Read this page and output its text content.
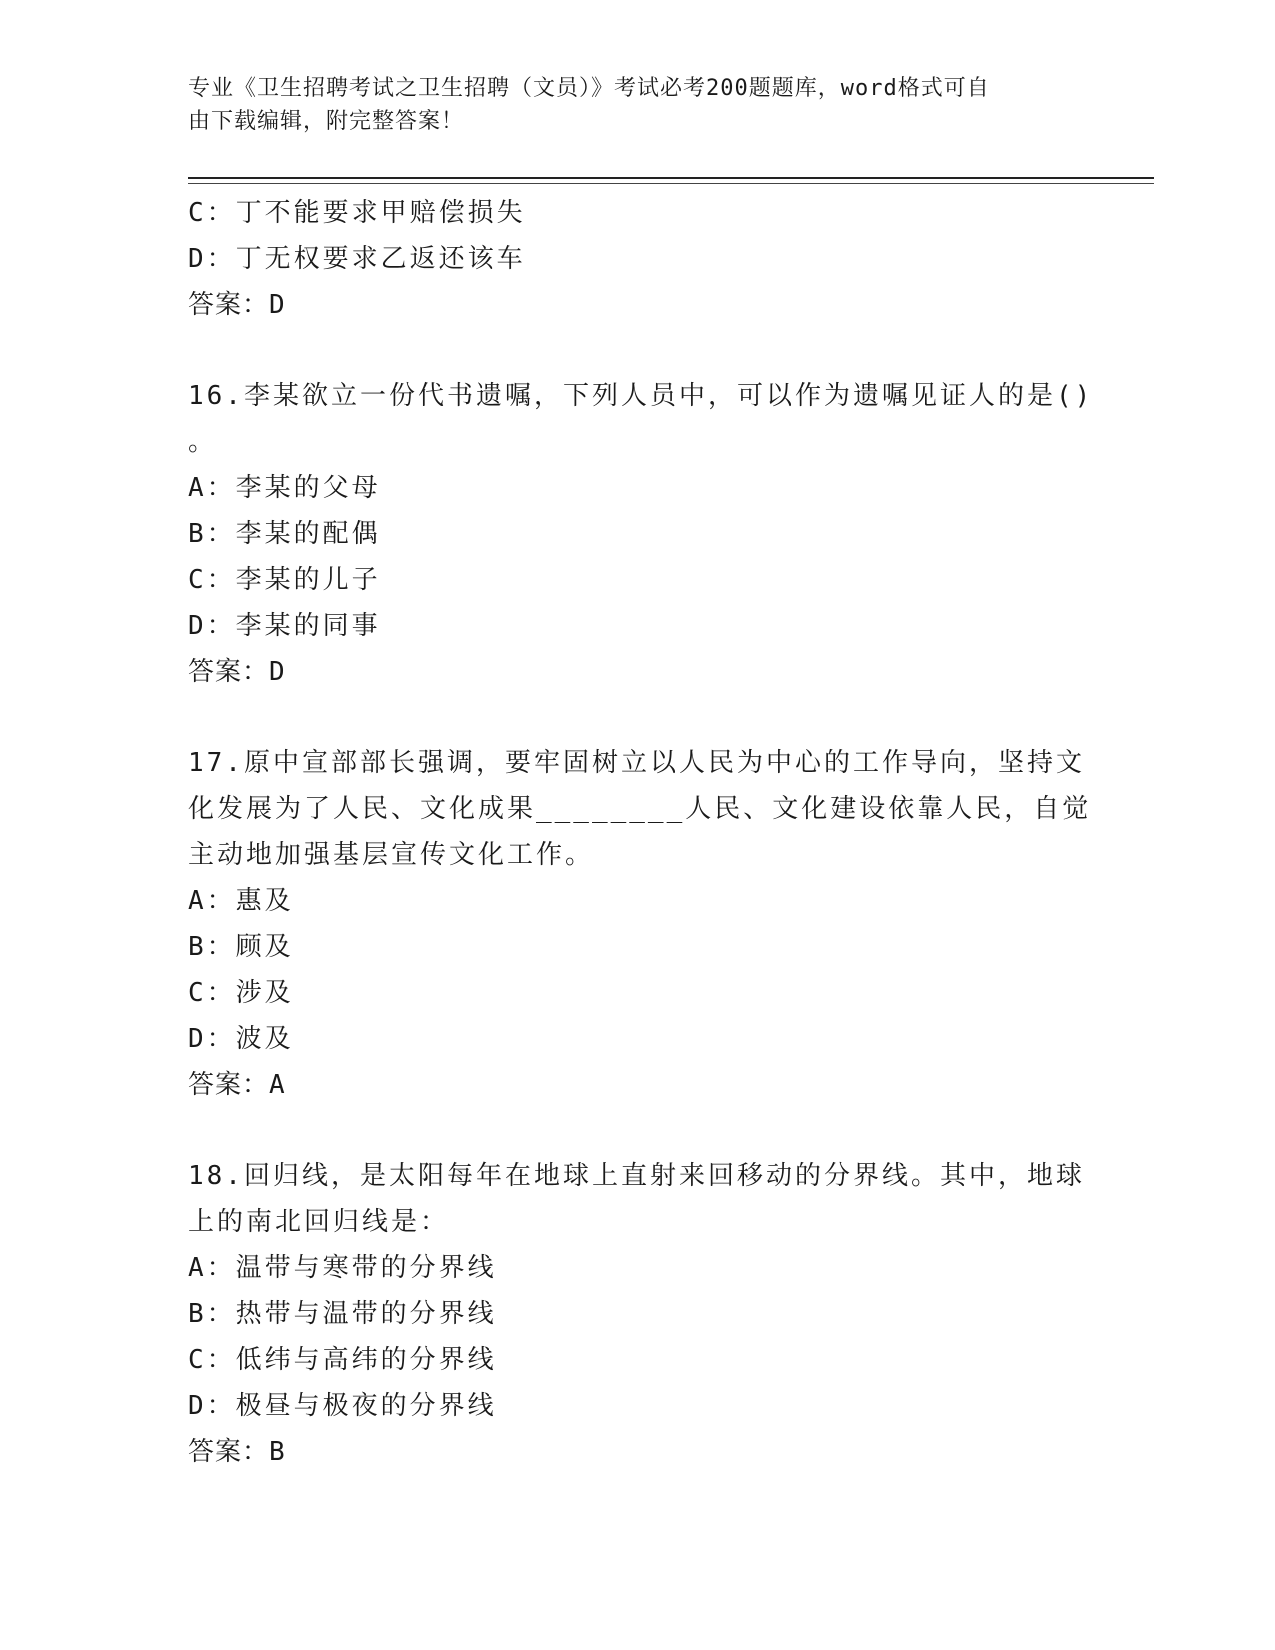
专业《卫生招聘考试之卫生招聘（文员）》考试必考200题题库，word格式可自
由下载编辑，附完整答案！
C：丁不能要求甲赔偿损失
D：丁无权要求乙返还该车
答案：D
16.李某欲立一份代书遗嘱，下列人员中，可以作为遗嘱见证人的是()
。
A：李某的父母
B：李某的配偶
C：李某的儿子
D：李某的同事
答案：D
17.原中宣部部长强调，要牢固树立以人民为中心的工作导向，坚持文
化发展为了人民、文化成果________人民、文化建设依靠人民，自觉
主动地加强基层宣传文化工作。
A：惠及
B：顾及
C：涉及
D：波及
答案：A
18.回归线，是太阳每年在地球上直射来回移动的分界线。其中，地球
上的南北回归线是：
A：温带与寒带的分界线
B：热带与温带的分界线
C：低纬与高纬的分界线
D：极昼与极夜的分界线
答案：B
